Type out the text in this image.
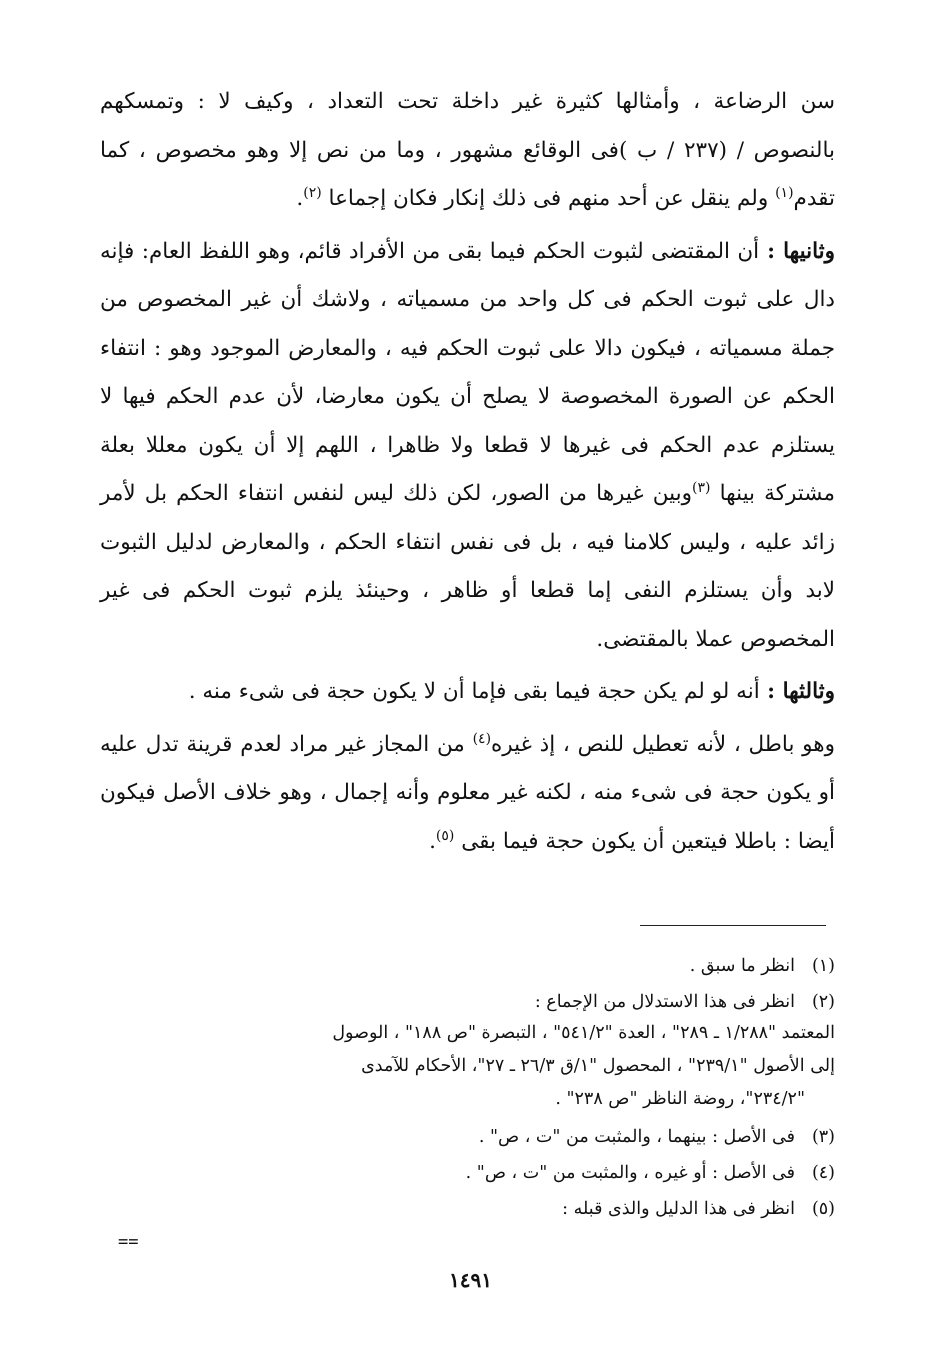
سن الرضاعة ، وأمثالها كثيرة غير داخلة تحت التعداد ، وكيف لا : وتمسكهم بالنصوص / (٢٣٧ / ب )فى الوقائع مشهور ، وما من نص إلا وهو مخصوص ، كما تقدم$^{(١)}$ ولم ينقل عن أحد منهم فى ذلك إنكار فكان إجماعا $^{(٢)}$.

وثانيها : أن المقتضى لثبوت الحكم فيما بقى من الأفراد قائم، وهو اللفظ العام: فإنه دال على ثبوت الحكم فى كل واحد من مسمياته ، ولاشك أن غير المخصوص من جملة مسمياته ، فيكون دالا على ثبوت الحكم فيه ، والمعارض الموجود وهو : انتفاء الحكم عن الصورة المخصوصة لا يصلح أن يكون معارضا، لأن عدم الحكم فيها لا يستلزم عدم الحكم فى غيرها لا قطعا ولا ظاهرا ، اللهم إلا أن يكون معللا بعلة مشتركة بينها $^{(٣)}$وبين غيرها من الصور، لكن ذلك ليس لنفس انتفاء الحكم بل لأمر زائد عليه ، وليس كلامنا فيه ، بل فى نفس انتفاء الحكم ، والمعارض لدليل الثبوت لابد وأن يستلزم النفى إما قطعا أو ظاهر ، وحينئذ يلزم ثبوت الحكم فى غير المخصوص عملا بالمقتضى.

وثالثها : أنه لو لم يكن حجة فيما بقى فإما أن لا يكون حجة فى شىء منه .

وهو باطل ، لأنه تعطيل للنص ، إذ غيره$^{(٤)}$ من المجاز غير مراد لعدم قرينة تدل عليه أو يكون حجة فى شىء منه ، لكنه غير معلوم وأنه إجمال ، وهو خلاف الأصل فيكون أيضا : باطلا فيتعين أن يكون حجة فيما بقى $^{(٥)}$.

(١)انظر ما سبق .
(٢)انظر فى هذا الاستدلال من الإجماع :
المعتمد "١/٢٨٨ ـ ٢٨٩" ، العدة "٥٤١/٢" ، التبصرة "ص ١٨٨" ، الوصول
إلى الأصول "٢٣٩/١" ، المحصول "١/ق ٢٦/٣ ـ ٢٧"، الأحكام للآمدى
"٢٣٤/٢"، روضة الناظر "ص ٢٣٨" .
(٣)فى الأصل : بينهما ، والمثبت من "ت ، ص" .
(٤)فى الأصل : أو غيره ، والمثبت من "ت ، ص" .
(٥)انظر فى هذا الدليل والذى قبله :
==
١٤٩١
